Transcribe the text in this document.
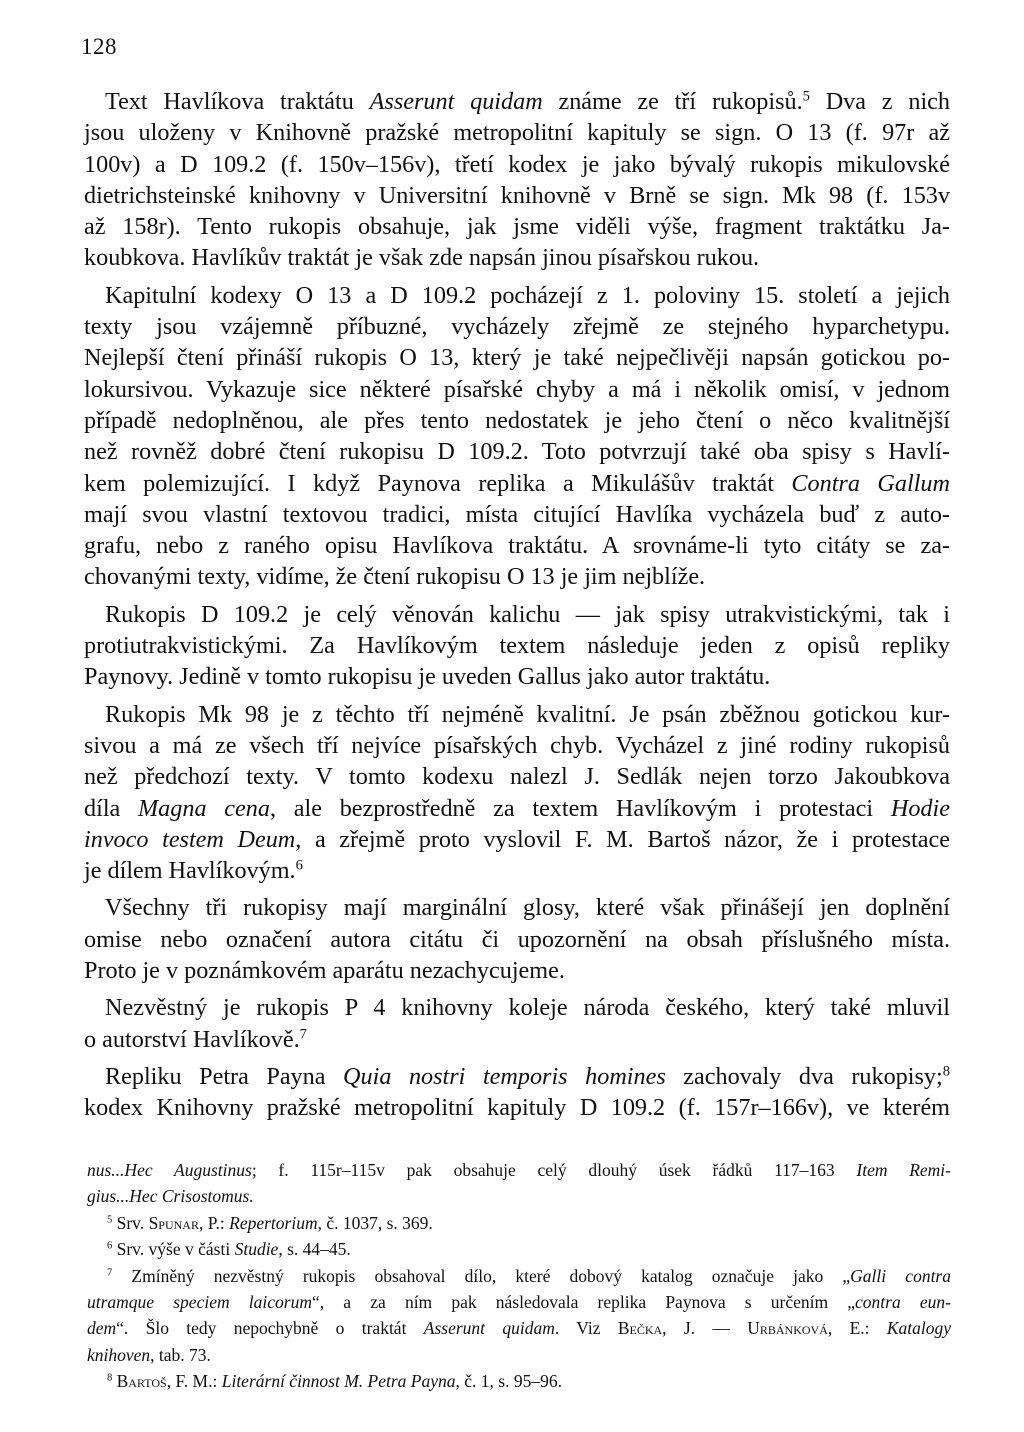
128

Text Havlíkova traktátu Asserunt quidam známe ze tří rukopisů.$^5$ Dva z nich
jsou uloženy v Knihovně pražské metropolitní kapituly se sign. O 13 (f. 97r až
100v) a D 109.2 (f. 150v–156v), třetí kodex je jako bývalý rukopis mikulovské
dietrichsteinské knihovny v Universitní knihovně v Brně se sign. Mk 98 (f. 153v
až 158r). Tento rukopis obsahuje, jak jsme viděli výše, fragment traktátku Ja-
koubkova. Havlíkův traktát je však zde napsán jinou písařskou rukou.

Kapitulní kodexy O 13 a D 109.2 pocházejí z 1. poloviny 15. století a jejich
texty jsou vzájemně příbuzné, vycházely zřejmě ze stejného hyparchetypu.
Nejlepší čtení přináší rukopis O 13, který je také nejpečlivěji napsán gotickou po-
lokursivou. Vykazuje sice některé písařské chyby a má i několik omisí, v jednom
případě nedoplněnou, ale přes tento nedostatek je jeho čtení o něco kvalitnější
než rovněž dobré čtení rukopisu D 109.2. Toto potvrzují také oba spisy s Havlí-
kem polemizující. I když Paynova replika a Mikulášův traktát Contra Gallum
mají svou vlastní textovou tradici, místa citující Havlíka vycházela buď z auto-
grafu, nebo z raného opisu Havlíkova traktátu. A srovnáme-li tyto citáty se za-
chovanými texty, vidíme, že čtení rukopisu O 13 je jim nejblíže.

Rukopis D 109.2 je celý věnován kalichu — jak spisy utrakvistickými, tak i
protiutrakvistickými. Za Havlíkovým textem následuje jeden z opisů repliky
Paynovy. Jedině v tomto rukopisu je uveden Gallus jako autor traktátu.

Rukopis Mk 98 je z těchto tří nejméně kvalitní. Je psán zběžnou gotickou kur-
sivou a má ze všech tří nejvíce písařských chyb. Vycházel z jiné rodiny rukopisů
než předchozí texty. V tomto kodexu nalezl J. Sedlák nejen torzo Jakoubkova
díla Magna cena, ale bezprostředně za textem Havlíkovým i protestaci Hodie
invoco testem Deum, a zřejmě proto vyslovil F. M. Bartoš názor, že i protestace
je dílem Havlíkovým.$^6$

Všechny tři rukopisy mají marginální glosy, které však přinášejí jen doplnění
omise nebo označení autora citátu či upozornění na obsah příslušného místa.
Proto je v poznámkovém aparátu nezachycujeme.

Nezvěstný je rukopis P 4 knihovny koleje národa českého, který také mluvil
o autorství Havlíkově.$^7$

Repliku Petra Payna Quia nostri temporis homines zachovaly dva rukopisy;$^8$
kodex Knihovny pražské metropolitní kapituly D 109.2 (f. 157r–166v), ve kterém

nus...Hec Augustinus; f. 115r–115v pak obsahuje celý dlouhý úsek řádků 117–163 Item Remi-
gius...Hec Crisostomus.
$^5$ Srv. Spunar, P.: Repertorium, č. 1037, s. 369.
$^6$ Srv. výše v části Studie, s. 44–45.
$^7$ Zmíněný nezvěstný rukopis obsahoval dílo, které dobový katalog označuje jako „Galli contra
utramque speciem laicorum“, a za ním pak následovala replika Paynova s určením „contra eun-
dem“. Šlo tedy nepochybně o traktát Asserunt quidam. Viz Bečka, J. — Urbánková, E.: Katalogy
knihoven, tab. 73.
$^8$ Bartoš, F. M.: Literární činnost M. Petra Payna, č. 1, s. 95–96.
